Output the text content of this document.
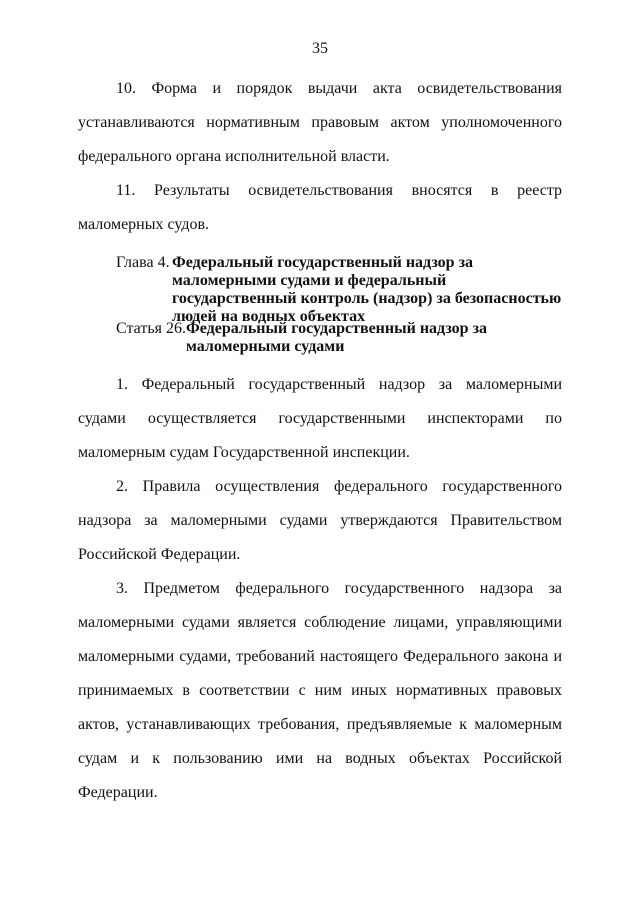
35

10. Форма и порядок выдачи акта освидетельствования устанавливаются нормативным правовым актом уполномоченного федерального органа исполнительной власти.

11. Результаты освидетельствования вносятся в реестр маломерных судов.

Глава 4. Федеральный государственный надзор за маломерными судами и федеральный государственный контроль (надзор) за безопасностью людей на водных объектах
Статья 26. Федеральный государственный надзор за маломерными судами

1. Федеральный государственный надзор за маломерными судами осуществляется государственными инспекторами по маломерным судам Государственной инспекции.

2. Правила осуществления федерального государственного надзора за маломерными судами утверждаются Правительством Российской Федерации.

3. Предметом федерального государственного надзора за маломерными судами является соблюдение лицами, управляющими маломерными судами, требований настоящего Федерального закона и принимаемых в соответствии с ним иных нормативных правовых актов, устанавливающих требования, предъявляемые к маломерным судам и к пользованию ими на водных объектах Российской Федерации.
